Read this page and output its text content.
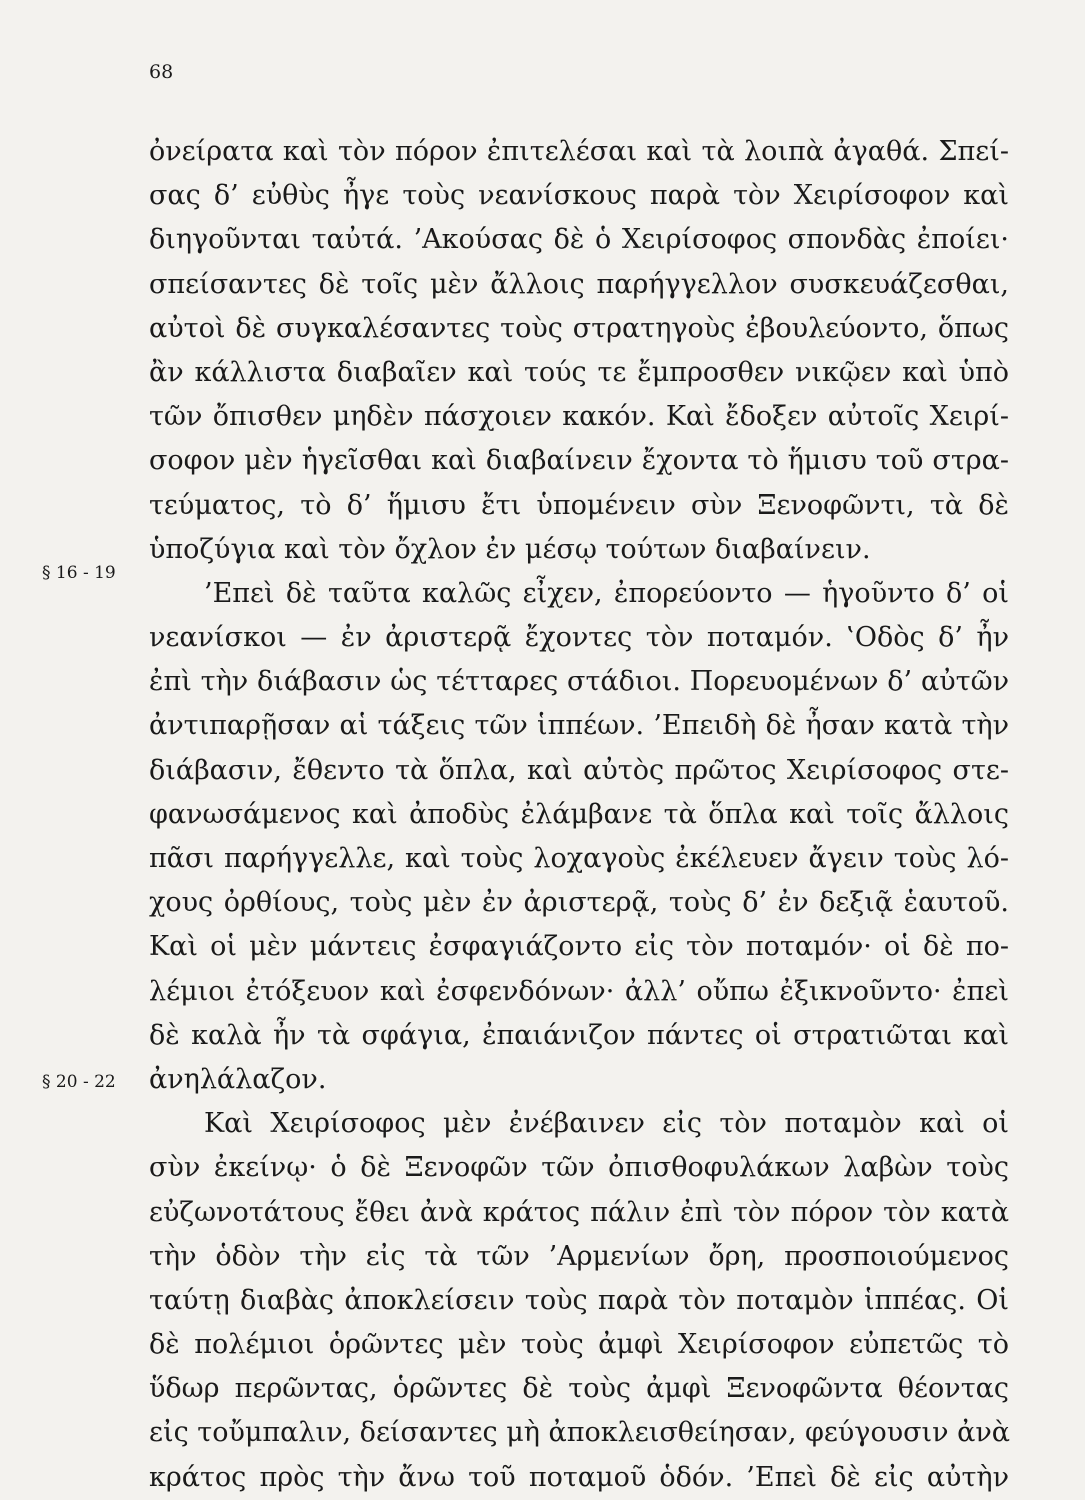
68
§ 16 - 19
§ 20 - 22
ὀνείρατα καὶ τὸν πόρον ἐπιτελέσαι καὶ τὰ λοιπὰ ἀγαθά. Σπεί-
σας δ’ εὐθὺς ἦγε τοὺς νεανίσκους παρὰ τὸν Χειρίσοφον καὶ
διηγοῦνται ταὐτά. ’Ακούσας δὲ ὁ Χειρίσοφος σπονδὰς ἐποίει·
σπείσαντες δὲ τοῖς μὲν ἄλλοις παρήγγελλον συσκευάζεσθαι,
αὐτοὶ δὲ συγκαλέσαντες τοὺς στρατηγοὺς ἐβουλεύοντο, ὅπως
ἂν κάλλιστα διαβαῖεν καὶ τούς τε ἔμπροσθεν νικῷεν καὶ ὑπὸ
τῶν ὄπισθεν μηδὲν πάσχοιεν κακόν. Καὶ ἔδοξεν αὐτοῖς Χειρί-
σοφον μὲν ἡγεῖσθαι καὶ διαβαίνειν ἔχοντα τὸ ἥμισυ τοῦ στρα-
τεύματος, τὸ δ’ ἥμισυ ἔτι ὑπομένειν σὺν Ξενοφῶντι, τὰ δὲ
ὑποζύγια καὶ τὸν ὄχλον ἐν μέσῳ τούτων διαβαίνειν.
’Επεὶ δὲ ταῦτα καλῶς εἶχεν, ἐπορεύοντο — ἡγοῦντο δ’ οἱ
νεανίσκοι — ἐν ἀριστερᾷ ἔχοντες τὸν ποταμόν. ‛Οδὸς δ’ ἦν
ἐπὶ τὴν διάβασιν ὡς τέτταρες στάδιοι. Πορευομένων δ’ αὐτῶν
ἀντιπαρῇσαν αἱ τάξεις τῶν ἱππέων. ’Επειδὴ δὲ ἦσαν κατὰ τὴν
διάβασιν, ἔθεντο τὰ ὅπλα, καὶ αὐτὸς πρῶτος Χειρίσοφος στε-
φανωσάμενος καὶ ἀποδὺς ἐλάμβανε τὰ ὅπλα καὶ τοῖς ἄλλοις
πᾶσι παρήγγελλε, καὶ τοὺς λοχαγοὺς ἐκέλευεν ἄγειν τοὺς λό-
χους ὀρθίους, τοὺς μὲν ἐν ἀριστερᾷ, τοὺς δ’ ἐν δεξιᾷ ἑαυτοῦ.
Καὶ οἱ μὲν μάντεις ἐσφαγιάζοντο εἰς τὸν ποταμόν· οἱ δὲ πο-
λέμιοι ἐτόξευον καὶ ἐσφενδόνων· ἀλλ’ οὔπω ἐξικνοῦντο· ἐπεὶ
δὲ καλὰ ἦν τὰ σφάγια, ἐπαιάνιζον πάντες οἱ στρατιῶται καὶ
ἀνηλάλαζον.
Καὶ Χειρίσοφος μὲν ἐνέβαινεν εἰς τὸν ποταμὸν καὶ οἱ
σὺν ἐκείνῳ· ὁ δὲ Ξενοφῶν τῶν ὀπισθοφυλάκων λαβὼν τοὺς
εὐζωνοτάτους ἔθει ἀνὰ κράτος πάλιν ἐπὶ τὸν πόρον τὸν κατὰ
τὴν ὁδὸν τὴν εἰς τὰ τῶν ’Αρμενίων ὄρη, προσποιούμενος
ταύτῃ διαβὰς ἀποκλείσειν τοὺς παρὰ τὸν ποταμὸν ἱππέας. Οἱ
δὲ πολέμιοι ὁρῶντες μὲν τοὺς ἀμφὶ Χειρίσοφον εὐπετῶς τὸ
ὕδωρ περῶντας, ὁρῶντες δὲ τοὺς ἀμφὶ Ξενοφῶντα θέοντας
εἰς τοὔμπαλιν, δείσαντες μὴ ἀποκλεισθείησαν, φεύγουσιν ἀνὰ
κράτος πρὸς τὴν ἄνω τοῦ ποταμοῦ ὁδόν. ’Επεὶ δὲ εἰς αὐτὴν
